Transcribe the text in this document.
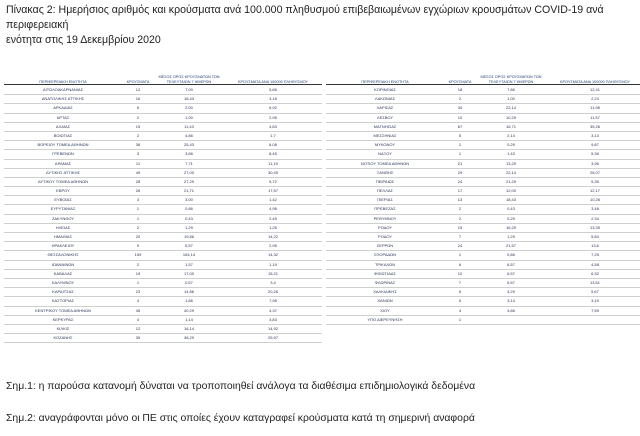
Πίνακας 2: Ημερήσιος αριθμός και κρούσματα ανά 100.000 πληθυσμού επιβεβαιωμένων εγχώριων κρουσμάτων COVID-19 ανά περιφερειακή
ενότητα στις 19 Δεκεμβρίου 2020
ΠΕΡΙΦΕΡΕΙΑΚΗ ΕΝΟΤΗΤΑ	ΚΡΟΥΣΜΑΤΑ
ΜΕΣΟΣ ΟΡΟΣ ΚΡΟΥΣΜΑΤΩΝ ΤΩΝ ΤΕΛΕΥΤΑΙΩΝ 7 ΗΜΕΡΩΝ	ΚΡΟΥΣΜΑΤΑ ΑΝΑ 100000 ΠΛΗΘΥΣΜΟΥ
ΑΙΤΩΛΟΑΚΑΡΝΑΝΙΑΣ	12	7,00	5,68
ΑΝΑΤΟΛΙΚΗΣ ΑΤΤΙΚΗΣ	16	18,43	3,18
ΑΡΚΑΔΙΑΣ	6	2,00	6,92
ΑΡΤΑΣ	2	1,00	2,95
ΑΧΑΪΑΣ	15	11,43	4,83
ΒΟΙΩΤΙΑΣ	2	4,86	1,7
ΒΟΡΕΙΟΥ ΤΟΜΕΑ ΑΘΗΝΩΝ	36	25,43	6,08
ΓΡΕΒΕΝΩΝ	3	3,86	8,45
ΔΡΑΜΑΣ	11	7,71	11,19
ΔΥΤΙΚΗΣ ΑΤΤΙΚΗΣ	49	27,00	30,45
ΔΥΤΙΚΟΥ ΤΟΜΕΑ ΑΘΗΝΩΝ	28	27,29	5,72
ΕΒΡΟΥ	26	21,71	17,57
ΕΥΒΟΙΑΣ	3	3,00	1,42
ΕΥΡΥΤΑΝΙΑΣ	1	0,86	4,98
ΖΑΚΥΝΘΟΥ	1	0,43	2,45
ΗΛΕΙΑΣ	2	1,29	1,26
ΗΜΑΘΙΑΣ	20	19,86	14,22
ΗΡΑΚΛΕΙΟΥ	9	5,57	2,95
ΘΕΣΣΑΛΟΝΙΚΗΣ	159	154,14	14,32
ΙΩΑΝΝΙΝΩΝ	2	1,57	1,19
ΚΑΒΑΛΑΣ	19	17,00	15,21
ΚΑΛΥΜΝΟΥ	1	0,57	3,4
ΚΑΡΔΙΤΣΑΣ	23	14,86	20,26
ΚΑΣΤΟΡΙΑΣ	4	1,86	7,95
ΚΕΝΤΡΙΚΟΥ ΤΟΜΕΑ ΑΘΗΝΩΝ	45	40,29	4,37
ΚΕΡΚΥΡΑΣ	4	1,14	3,83
ΚΙΛΚΙΣ	12	16,14	14,92
ΚΟΖΑΝΗΣ	39	38,29	25,97
ΠΕΡΙΦΕΡΕΙΑΚΗ ΕΝΟΤΗΤΑ	ΚΡΟΥΣΜΑΤΑ
ΜΕΣΟΣ ΟΡΟΣ ΚΡΟΥΣΜΑΤΩΝ ΤΩΝ ΤΕΛΕΥΤΑΙΩΝ 7 ΗΜΕΡΩΝ	ΚΡΟΥΣΜΑΤΑ ΑΝΑ 100000 ΠΛΗΘΥΣΜΟΥ
ΚΟΡΙΝΘΙΑΣ	18	7,86	12,41
ΛΑΚΩΝΙΑΣ	2	1,00	2,24
ΛΑΡΙΣΑΣ	34	22,14	11,98
ΛΕΣΒΟΥ	10	10,29	11,57
ΜΑΓΝΗΣΙΑΣ	67	16,71	35,26
ΜΕΣΣΗΝΙΑΣ	5	2,14	3,13
ΜΥΚΟΝΟΥ	1	0,29	9,87
ΝΑΞΟΥ	1	1,43	5,36
ΝΟΤΙΟΥ ΤΟΜΕΑ ΑΘΗΝΩΝ	21	13,29	3,96
ΞΑΝΘΗΣ	29	22,14	26,07
ΠΕΙΡΑΙΩΣ	24	21,29	5,35
ΠΕΛΛΑΣ	17	12,00	12,17
ΠΙΕΡΙΑΣ	13	18,43	10,26
ΠΡΕΒΕΖΑΣ	2	0,43	3,48
ΡΕΘΥΜΝΟΥ	2	0,29	2,34
ΡΟΔΟΥ	15	16,29	13,39
ΡΟΔΟΥ	7	1,29	5,84
ΣΕΡΡΩΝ	24	21,57	13,6
ΣΠΟΡΑΔΩΝ	1	0,86	7,25
ΤΡΙΚΑΛΩΝ	6	6,57	4,58
ΦΘΙΩΤΙΔΑΣ	10	6,57	6,32
ΦΛΩΡΙΝΑΣ	7	5,57	13,61
ΧΑΛΚΙΔΙΚΗΣ	6	4,29	5,67
ΧΑΝΙΩΝ	5	3,14	3,19
ΧΙΟΥ	4	4,86	7,59
ΥΠΟ ΔΙΕΡΕΥΝΗΣΗ	1
Σημ.1: η παρούσα κατανομή δύναται να τροποποιηθεί ανάλογα τα διαθέσιμα επιδημιολογικά δεδομένα
Σημ.2: αναγράφονται μόνο οι ΠΕ στις οποίες έχουν καταγραφεί κρούσματα κατά τη σημερινή αναφορά
